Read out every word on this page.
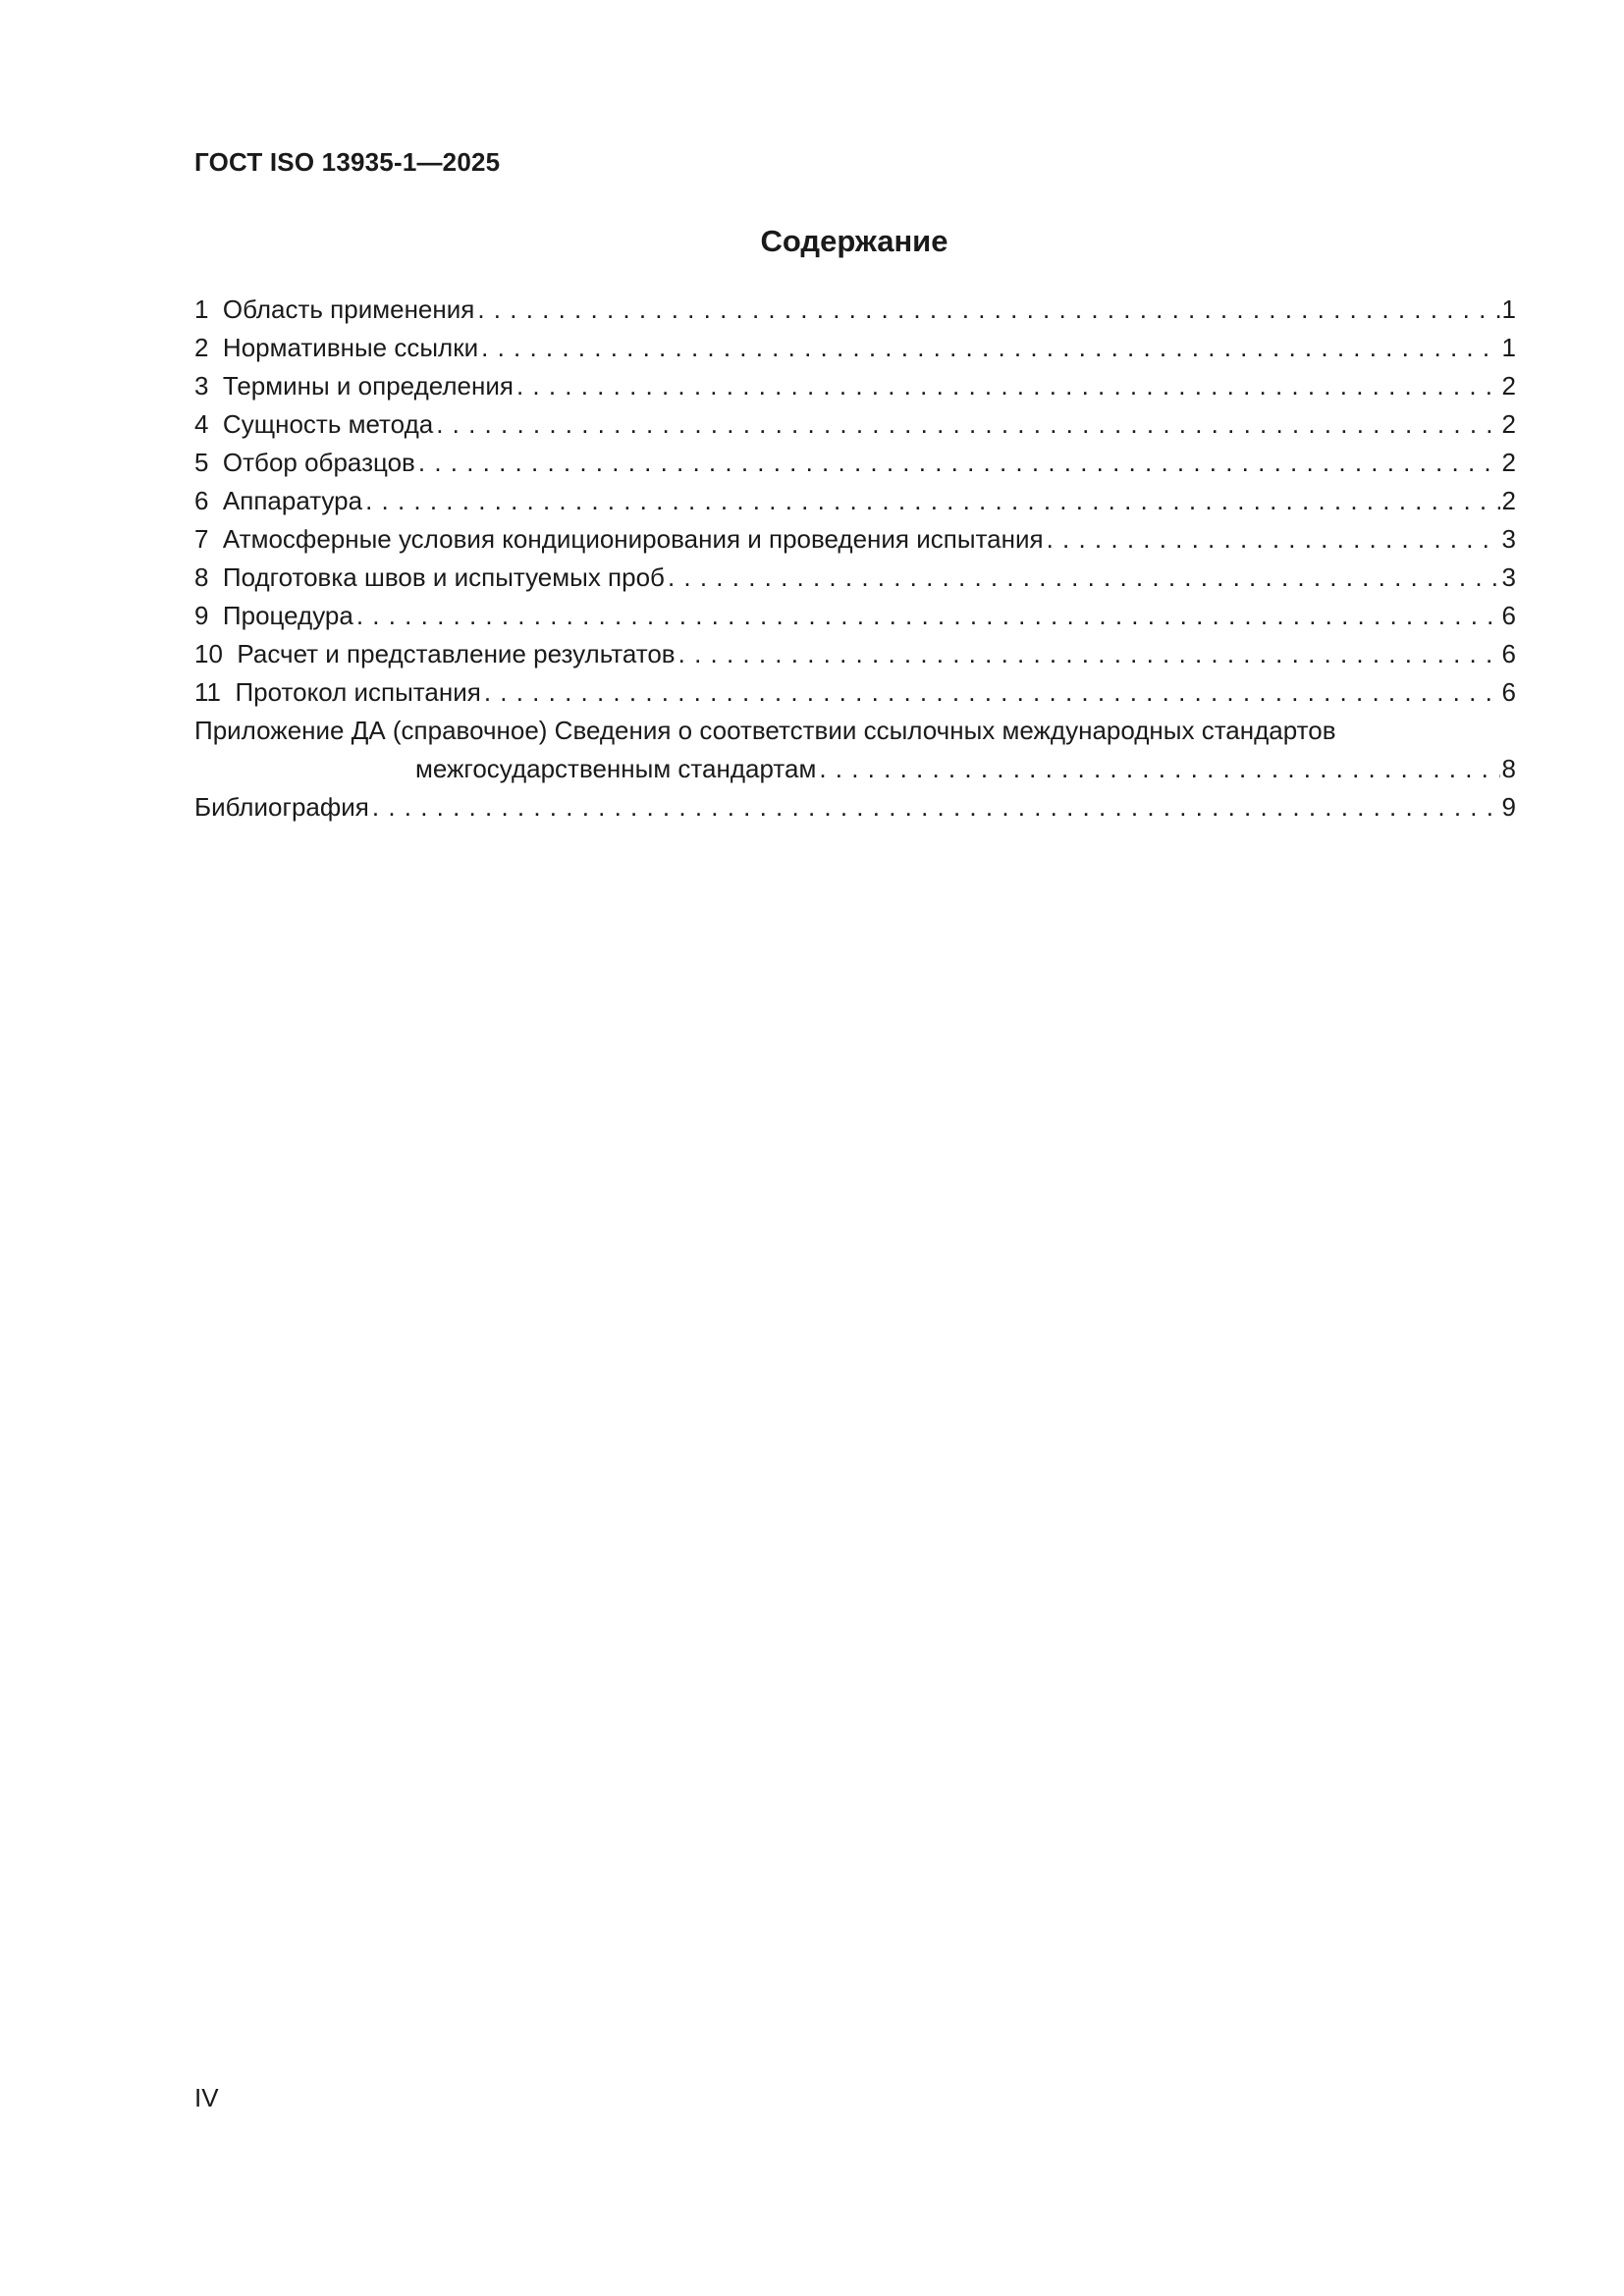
ГОСТ ISO 13935-1—2025
Содержание
1 Область применения . . .	1
2 Нормативные ссылки . . .	1
3 Термины и определения . . .	2
4 Сущность метода . . .	2
5 Отбор образцов . . .	2
6 Аппаратура . . .	2
7 Атмосферные условия кондиционирования и проведения испытания . . .	3
8 Подготовка швов и испытуемых проб . . .	3
9 Процедура . . .	6
10 Расчет и представление результатов . . .	6
11 Протокол испытания . . .	6
Приложение ДА (справочное) Сведения о соответствии ссылочных международных стандартов
межгосударственным стандартам . . .	8
Библиография . . .	9
IV
